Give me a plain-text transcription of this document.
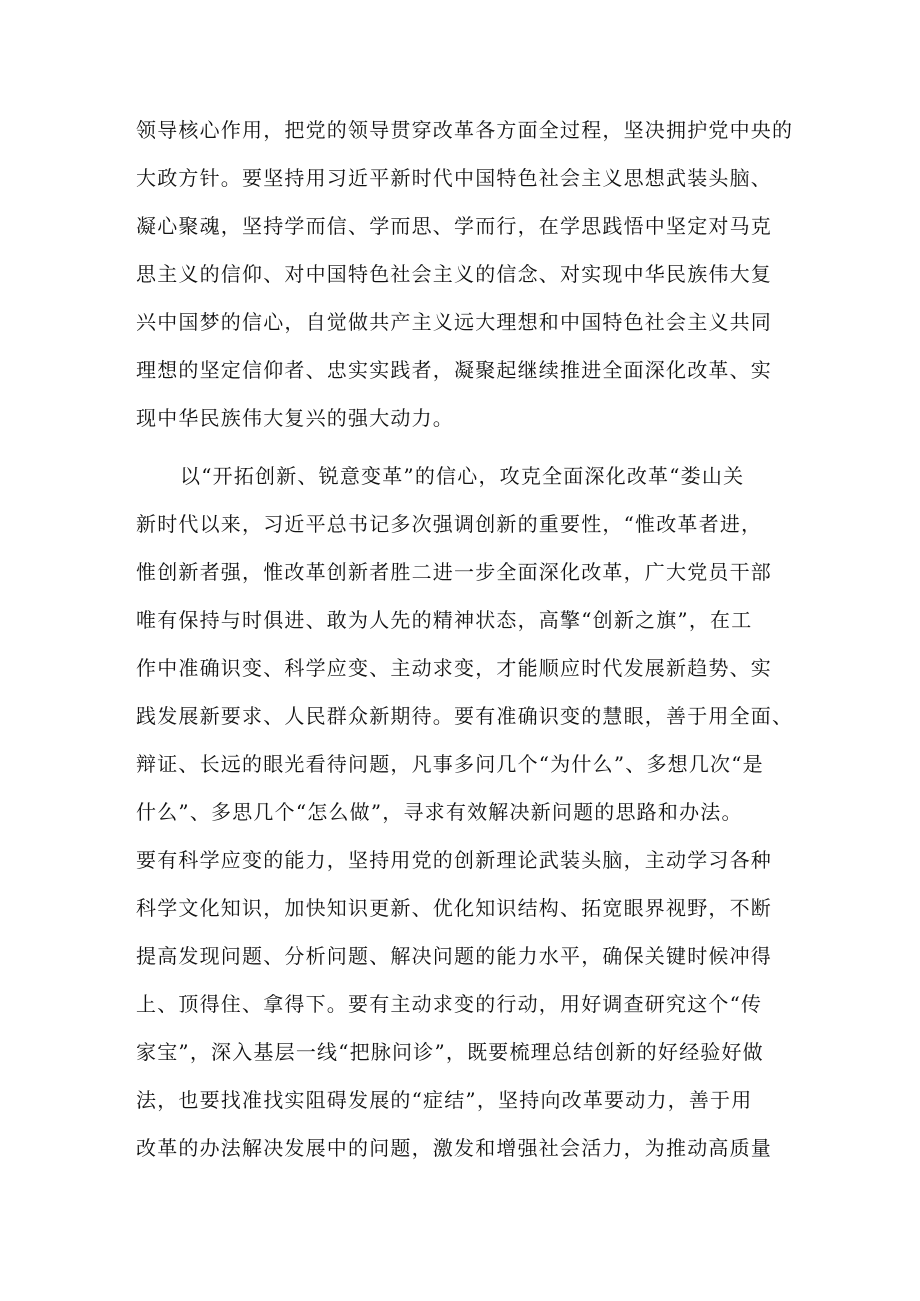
领导核心作用，把党的领导贯穿改革各方面全过程，坚决拥护党中央的
大政方针。要坚持用习近平新时代中国特色社会主义思想武装头脑、
凝心聚魂，坚持学而信、学而思、学而行，在学思践悟中坚定对马克
思主义的信仰、对中国特色社会主义的信念、对实现中华民族伟大复
兴中国梦的信心，自觉做共产主义远大理想和中国特色社会主义共同
理想的坚定信仰者、忠实实践者，凝聚起继续推进全面深化改革、实
现中华民族伟大复兴的强大动力。
以“开拓创新、锐意变革”的信心，攻克全面深化改革“娄山关
新时代以来，习近平总书记多次强调创新的重要性，“惟改革者进，
惟创新者强，惟改革创新者胜二进一步全面深化改革，广大党员干部
唯有保持与时俱进、敢为人先的精神状态，高擎“创新之旗”，在工
作中准确识变、科学应变、主动求变，才能顺应时代发展新趋势、实
践发展新要求、人民群众新期待。要有准确识变的慧眼，善于用全面、
辩证、长远的眼光看待问题，凡事多问几个“为什么”、多想几次“是
什么”、多思几个“怎么做”，寻求有效解决新问题的思路和办法。
要有科学应变的能力，坚持用党的创新理论武装头脑，主动学习各种
科学文化知识，加快知识更新、优化知识结构、拓宽眼界视野，不断
提高发现问题、分析问题、解决问题的能力水平，确保关键时候冲得
上、顶得住、拿得下。要有主动求变的行动，用好调查研究这个“传
家宝”，深入基层一线“把脉问诊”，既要梳理总结创新的好经验好做
法，也要找准找实阻碍发展的“症结”，坚持向改革要动力，善于用
改革的办法解决发展中的问题，激发和增强社会活力，为推动高质量
